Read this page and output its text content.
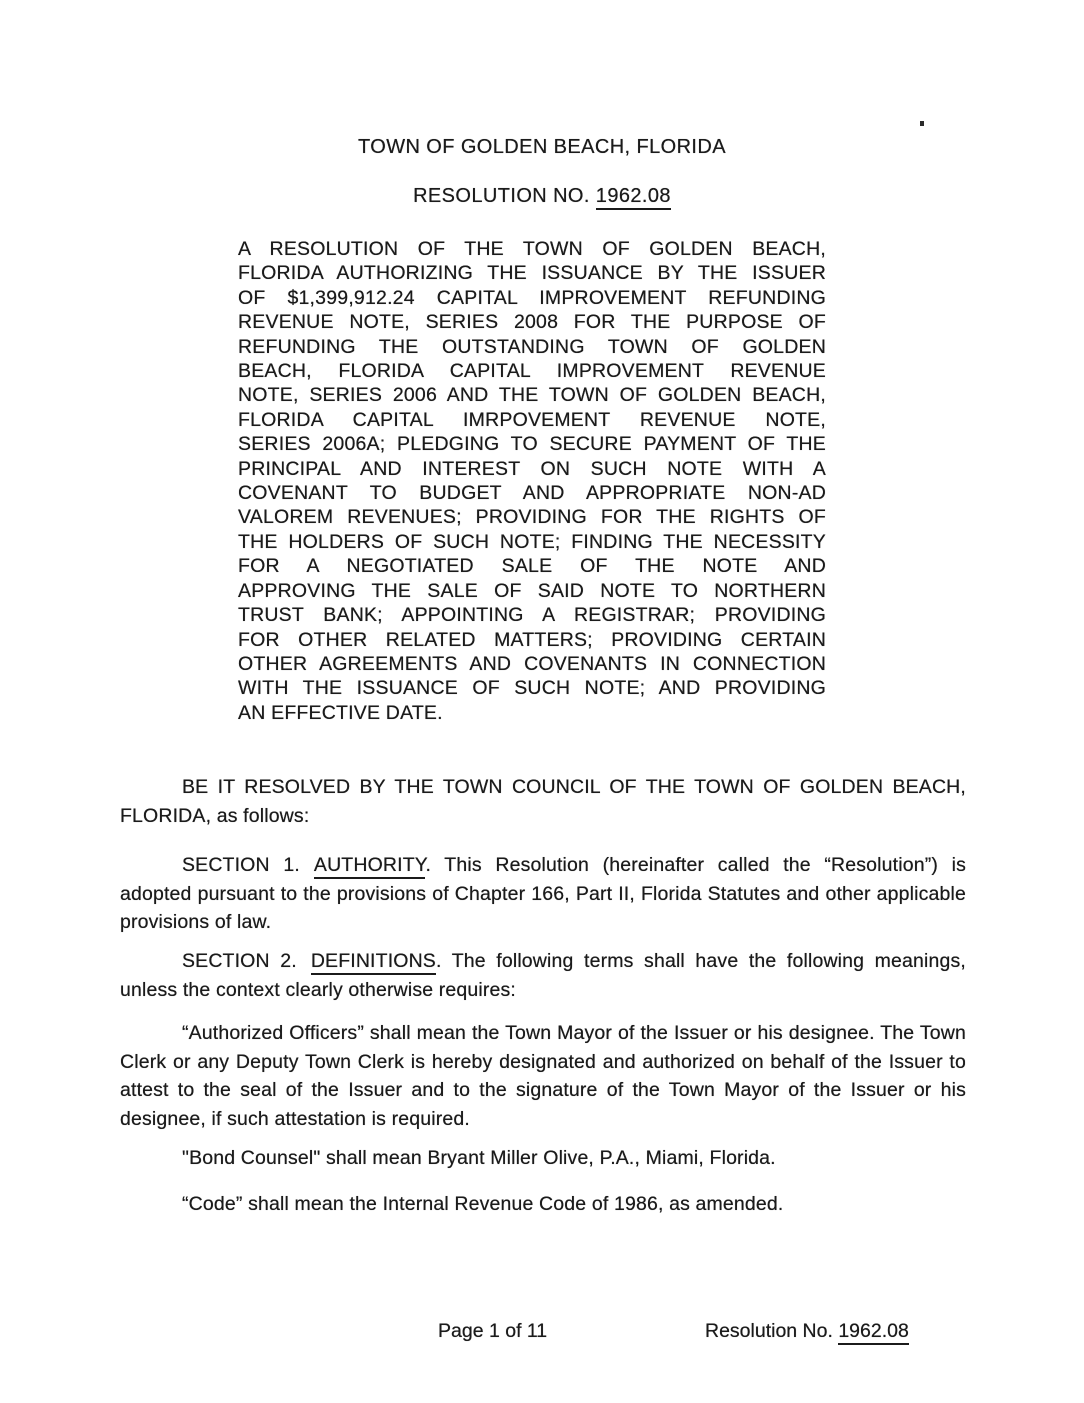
TOWN OF GOLDEN BEACH, FLORIDA
RESOLUTION NO. 1962.08
A RESOLUTION OF THE TOWN OF GOLDEN BEACH,
FLORIDA AUTHORIZING THE ISSUANCE BY THE ISSUER
OF $1,399,912.24 CAPITAL IMPROVEMENT REFUNDING
REVENUE NOTE, SERIES 2008 FOR THE PURPOSE OF
REFUNDING THE OUTSTANDING TOWN OF GOLDEN
BEACH, FLORIDA CAPITAL IMPROVEMENT REVENUE
NOTE, SERIES 2006 AND THE TOWN OF GOLDEN BEACH,
FLORIDA CAPITAL IMRPOVEMENT REVENUE NOTE,
SERIES 2006A; PLEDGING TO SECURE PAYMENT OF THE
PRINCIPAL AND INTEREST ON SUCH NOTE WITH A
COVENANT TO BUDGET AND APPROPRIATE NON-AD
VALOREM REVENUES; PROVIDING FOR THE RIGHTS OF
THE HOLDERS OF SUCH NOTE; FINDING THE NECESSITY
FOR A NEGOTIATED SALE OF THE NOTE AND
APPROVING THE SALE OF SAID NOTE TO NORTHERN
TRUST BANK; APPOINTING A REGISTRAR; PROVIDING
FOR OTHER RELATED MATTERS; PROVIDING CERTAIN
OTHER AGREEMENTS AND COVENANTS IN CONNECTION
WITH THE ISSUANCE OF SUCH NOTE; AND PROVIDING
AN EFFECTIVE DATE.
BE IT RESOLVED BY THE TOWN COUNCIL OF THE TOWN OF GOLDEN BEACH, FLORIDA, as follows:
SECTION 1. AUTHORITY. This Resolution (hereinafter called the “Resolution”) is adopted pursuant to the provisions of Chapter 166, Part II, Florida Statutes and other applicable provisions of law.
SECTION 2. DEFINITIONS. The following terms shall have the following meanings, unless the context clearly otherwise requires:
“Authorized Officers” shall mean the Town Mayor of the Issuer or his designee. The Town Clerk or any Deputy Town Clerk is hereby designated and authorized on behalf of the Issuer to attest to the seal of the Issuer and to the signature of the Town Mayor of the Issuer or his designee, if such attestation is required.
"Bond Counsel" shall mean Bryant Miller Olive, P.A., Miami, Florida.
“Code” shall mean the Internal Revenue Code of 1986, as amended.
Page 1 of 11	Resolution No. 1962.08
